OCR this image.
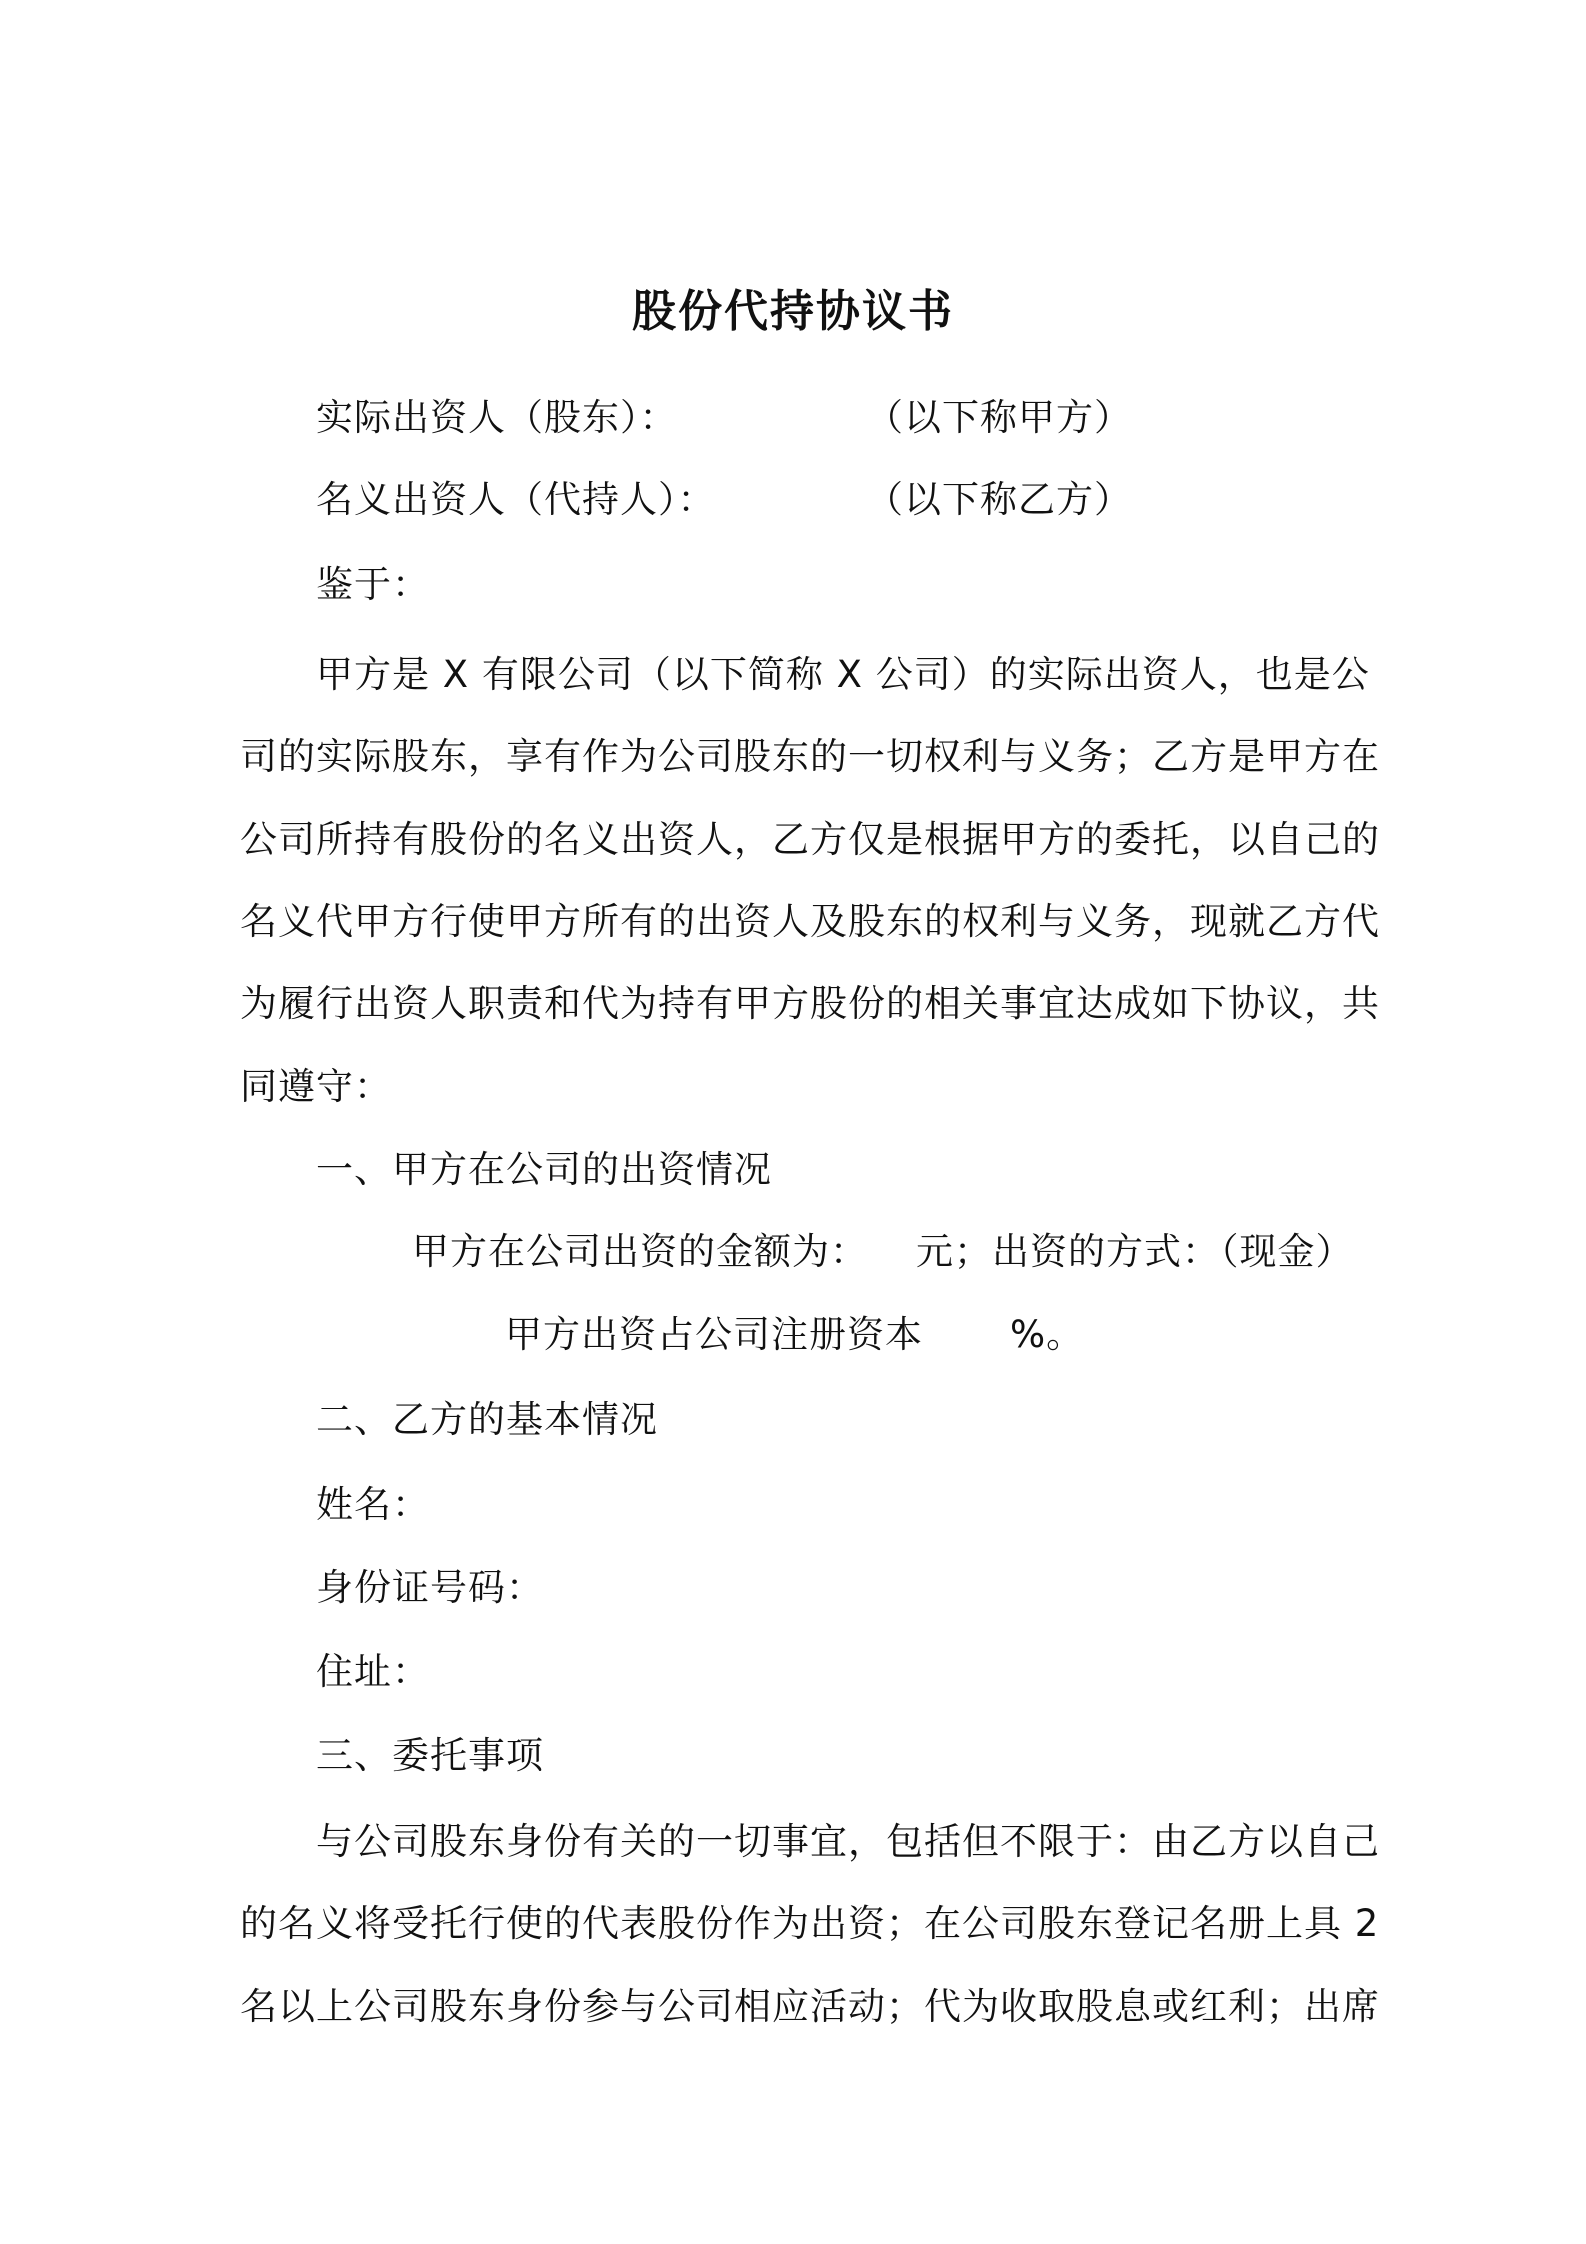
股份代持协议书
实际出资人（股东）：	（以下称甲方）
名义出资人（代持人）：	（以下称乙方）
鉴于：
甲方是 X 有限公司（以下简称 X 公司）的实际出资人，也是公
司的实际股东，享有作为公司股东的一切权利与义务；乙方是甲方在
公司所持有股份的名义出资人，乙方仅是根据甲方的委托，以自己的
名义代甲方行使甲方所有的出资人及股东的权利与义务，现就乙方代
为履行出资人职责和代为持有甲方股份的相关事宜达成如下协议，共
同遵守：
一、甲方在公司的出资情况
甲方在公司出资的金额为： 元；出资的方式：（现金）
甲方出资占公司注册资本 %。
二、乙方的基本情况
姓名：
身份证号码：
住址：
三、委托事项
与公司股东身份有关的一切事宜，包括但不限于：由乙方以自己
的名义将受托行使的代表股份作为出资；在公司股东登记名册上具 2
名以上公司股东身份参与公司相应活动；代为收取股息或红利；出席
